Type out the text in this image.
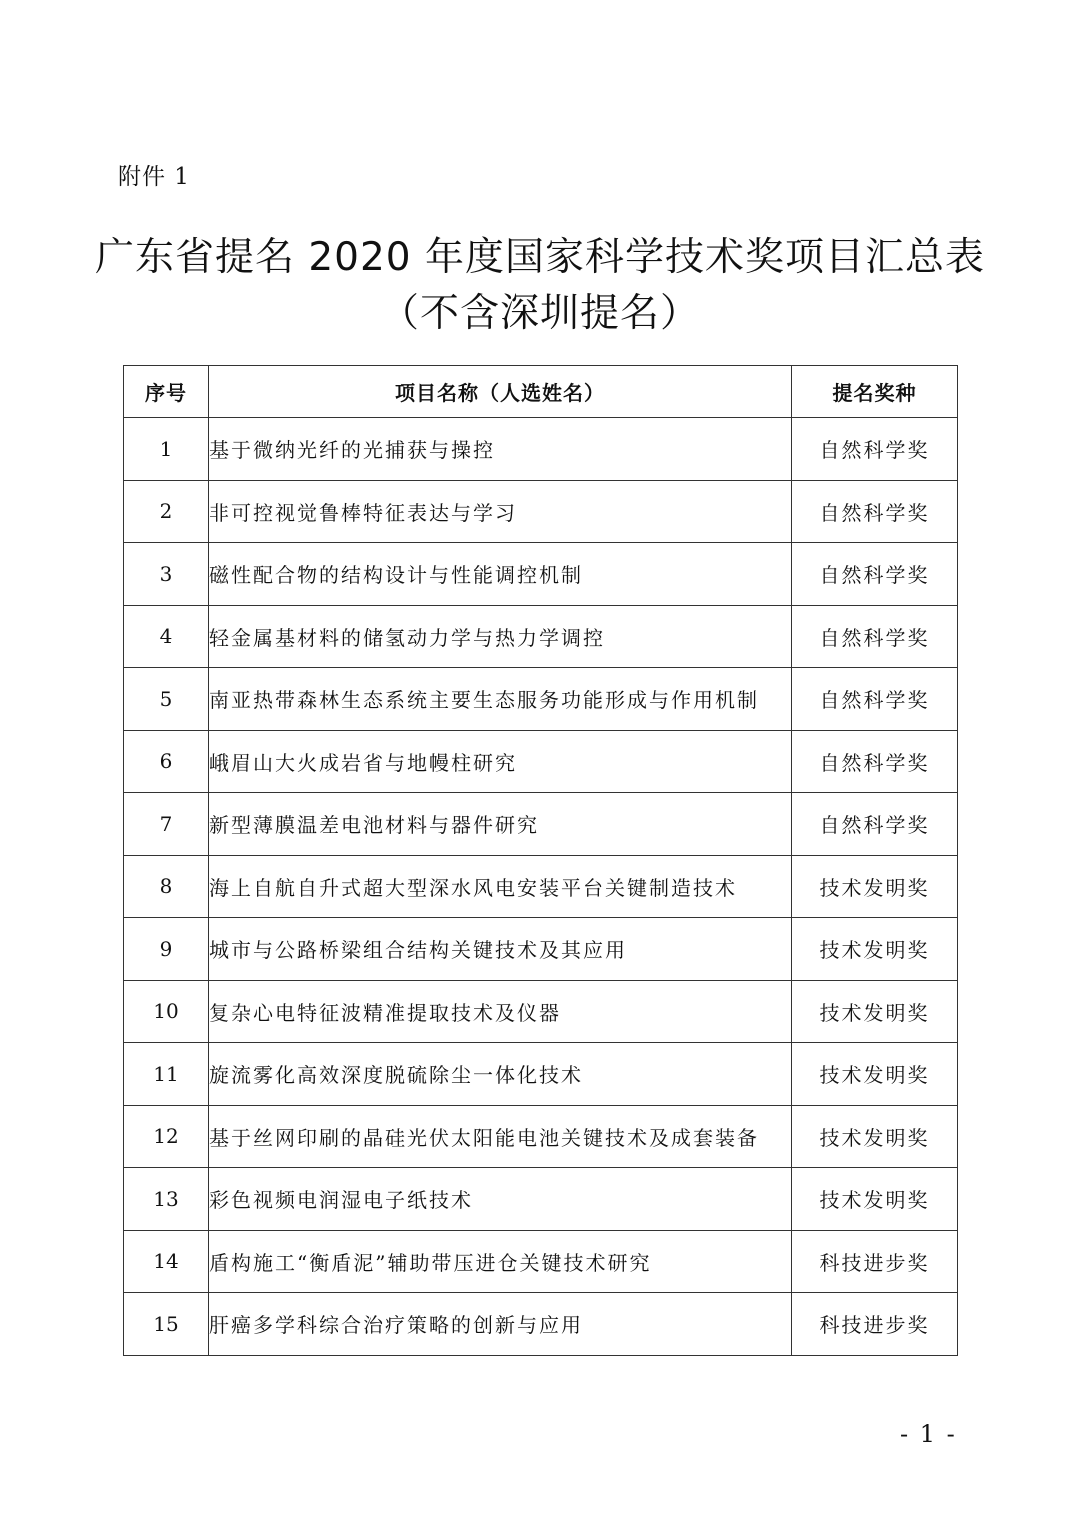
附件 1
广东省提名 2020 年度国家科学技术奖项目汇总表
（不含深圳提名）
序号	项目名称（人选姓名）	提名奖种
1	基于微纳光纤的光捕获与操控	自然科学奖
2	非可控视觉鲁棒特征表达与学习	自然科学奖
3	磁性配合物的结构设计与性能调控机制	自然科学奖
4	轻金属基材料的储氢动力学与热力学调控	自然科学奖
5	南亚热带森林生态系统主要生态服务功能形成与作用机制	自然科学奖
6	峨眉山大火成岩省与地幔柱研究	自然科学奖
7	新型薄膜温差电池材料与器件研究	自然科学奖
8	海上自航自升式超大型深水风电安装平台关键制造技术	技术发明奖
9	城市与公路桥梁组合结构关键技术及其应用	技术发明奖
10	复杂心电特征波精准提取技术及仪器	技术发明奖
11	旋流雾化高效深度脱硫除尘一体化技术	技术发明奖
12	基于丝网印刷的晶硅光伏太阳能电池关键技术及成套装备	技术发明奖
13	彩色视频电润湿电子纸技术	技术发明奖
14	盾构施工“衡盾泥”辅助带压进仓关键技术研究	科技进步奖
15	肝癌多学科综合治疗策略的创新与应用	科技进步奖
- 1 -
